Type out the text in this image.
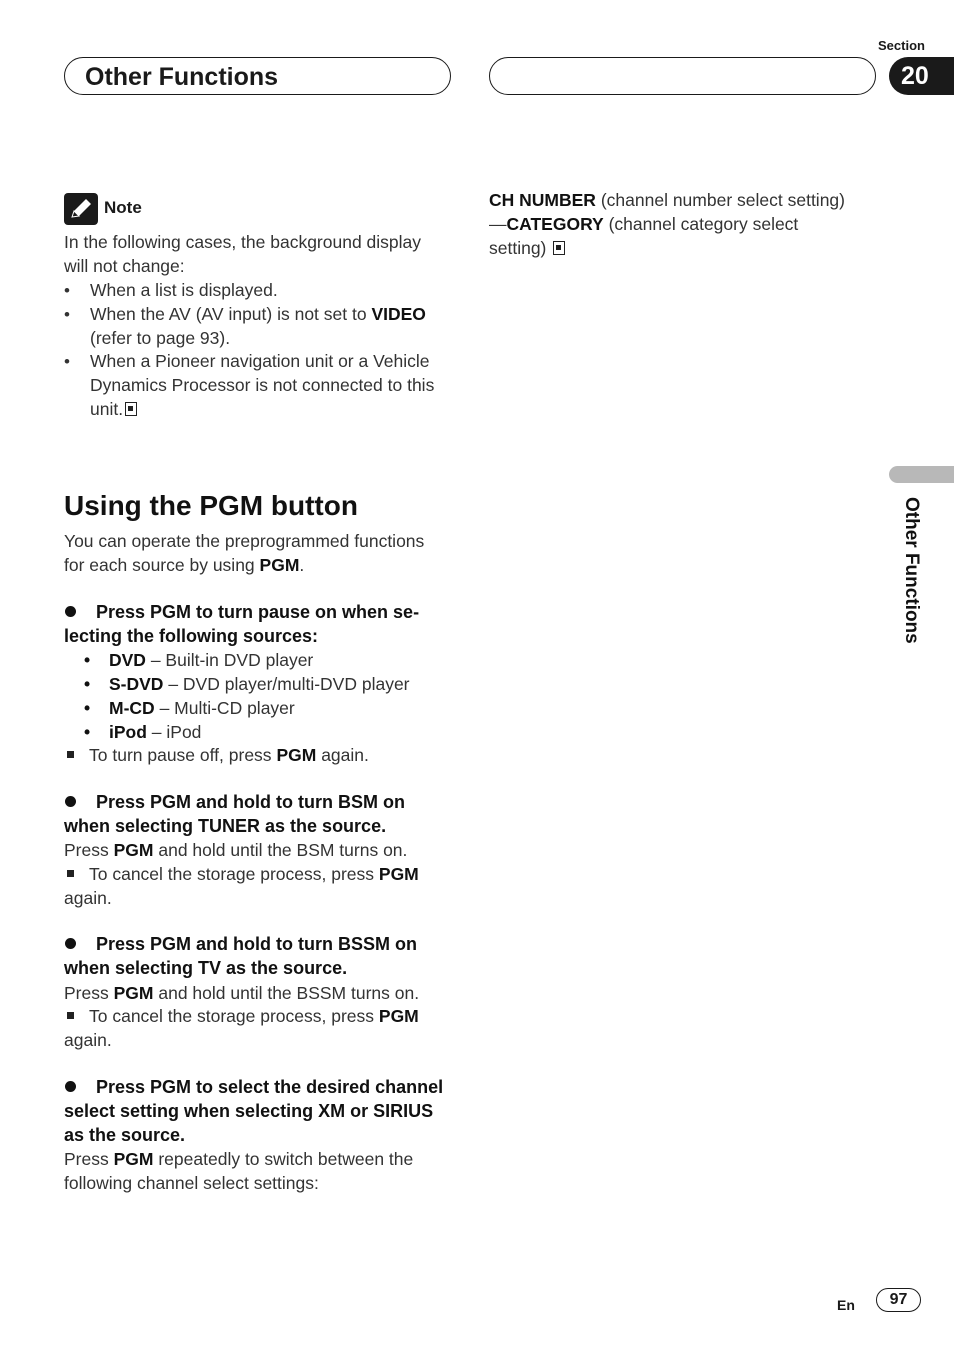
Other Functions
Section
20
Note
In the following cases, the background display
will not change:
• When a list is displayed.
• When the AV (AV input) is not set to VIDEO
(refer to page 93).
• When a Pioneer navigation unit or a Vehicle
Dynamics Processor is not connected to this
unit.
Using the PGM button
You can operate the preprogrammed functions
for each source by using PGM.
Press PGM to turn pause on when se-
lecting the following sources:
• DVD – Built-in DVD player
• S-DVD – DVD player/multi-DVD player
• M-CD – Multi-CD player
• iPod – iPod
To turn pause off, press PGM again.
Press PGM and hold to turn BSM on
when selecting TUNER as the source.
Press PGM and hold until the BSM turns on.
To cancel the storage process, press PGM
again.
Press PGM and hold to turn BSSM on
when selecting TV as the source.
Press PGM and hold until the BSSM turns on.
To cancel the storage process, press PGM
again.
Press PGM to select the desired channel
select setting when selecting XM or SIRIUS
as the source.
Press PGM repeatedly to switch between the
following channel select settings:
CH NUMBER (channel number select setting)
—CATEGORY (channel category select
setting)
Other Functions
En	97
